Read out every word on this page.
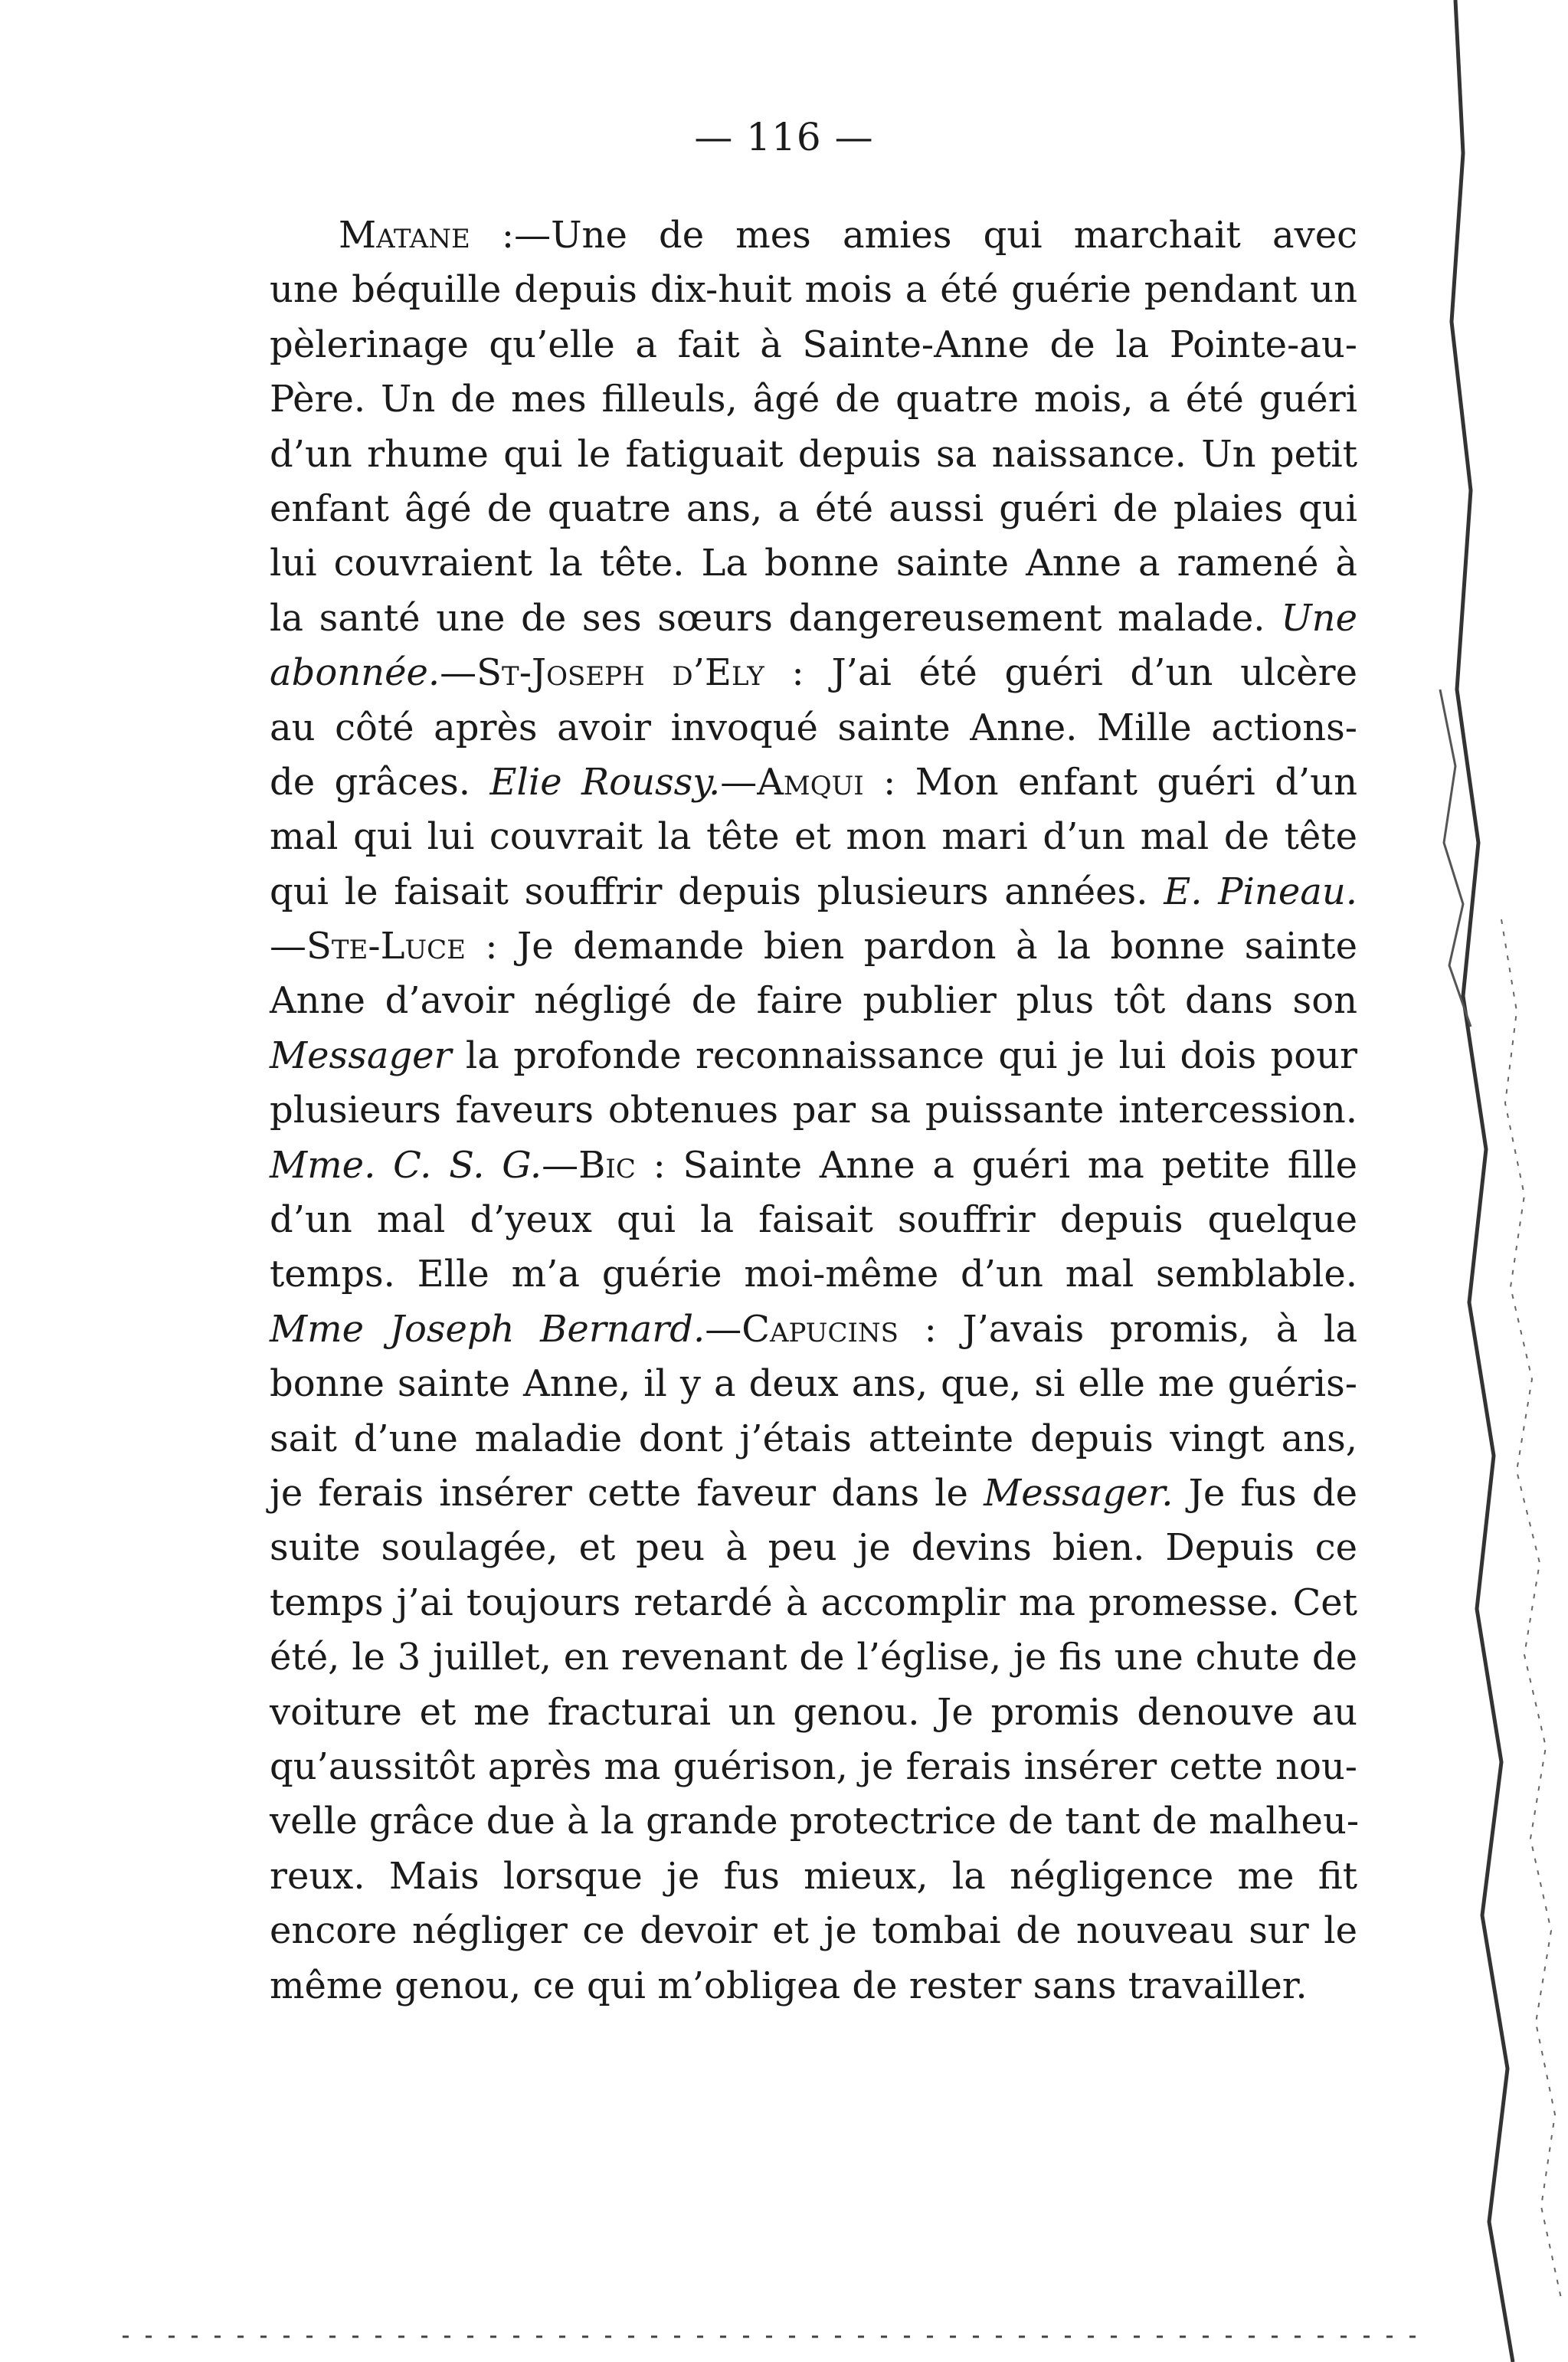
— 116 —
Matane :—Une de mes amies qui marchait avec
une béquille depuis dix-huit mois a été guérie pendant un
pèlerinage qu’elle a fait à Sainte-Anne de la Pointe-au-
Père. Un de mes filleuls, âgé de quatre mois, a été guéri
d’un rhume qui le fatiguait depuis sa naissance. Un petit
enfant âgé de quatre ans, a été aussi guéri de plaies qui
lui couvraient la tête. La bonne sainte Anne a ramené à
la santé une de ses sœurs dangereusement malade. Une
abonnée.—St-Joseph d’Ely : J’ai été guéri d’un ulcère
au côté après avoir invoqué sainte Anne. Mille actions-
de grâces. Elie Roussy.—Amqui : Mon enfant guéri d’un
mal qui lui couvrait la tête et mon mari d’un mal de tête
qui le faisait souffrir depuis plusieurs années. E. Pineau.
—Ste-Luce : Je demande bien pardon à la bonne sainte
Anne d’avoir négligé de faire publier plus tôt dans son
Messager la profonde reconnaissance qui je lui dois pour
plusieurs faveurs obtenues par sa puissante intercession.
Mme. C. S. G.—Bic : Sainte Anne a guéri ma petite fille
d’un mal d’yeux qui la faisait souffrir depuis quelque
temps. Elle m’a guérie moi-même d’un mal semblable.
Mme Joseph Bernard.—Capucins : J’avais promis, à la
bonne sainte Anne, il y a deux ans, que, si elle me guéris-
sait d’une maladie dont j’étais atteinte depuis vingt ans,
je ferais insérer cette faveur dans le Messager. Je fus de
suite soulagée, et peu à peu je devins bien. Depuis ce
temps j’ai toujours retardé à accomplir ma promesse. Cet
été, le 3 juillet, en revenant de l’église, je fis une chute de
voiture et me fracturai un genou. Je promis denouve au
qu’aussitôt après ma guérison, je ferais insérer cette nou-
velle grâce due à la grande protectrice de tant de malheu-
reux. Mais lorsque je fus mieux, la négligence me fit
encore négliger ce devoir et je tombai de nouveau sur le
même genou, ce qui m’obligea de rester sans travailler.
